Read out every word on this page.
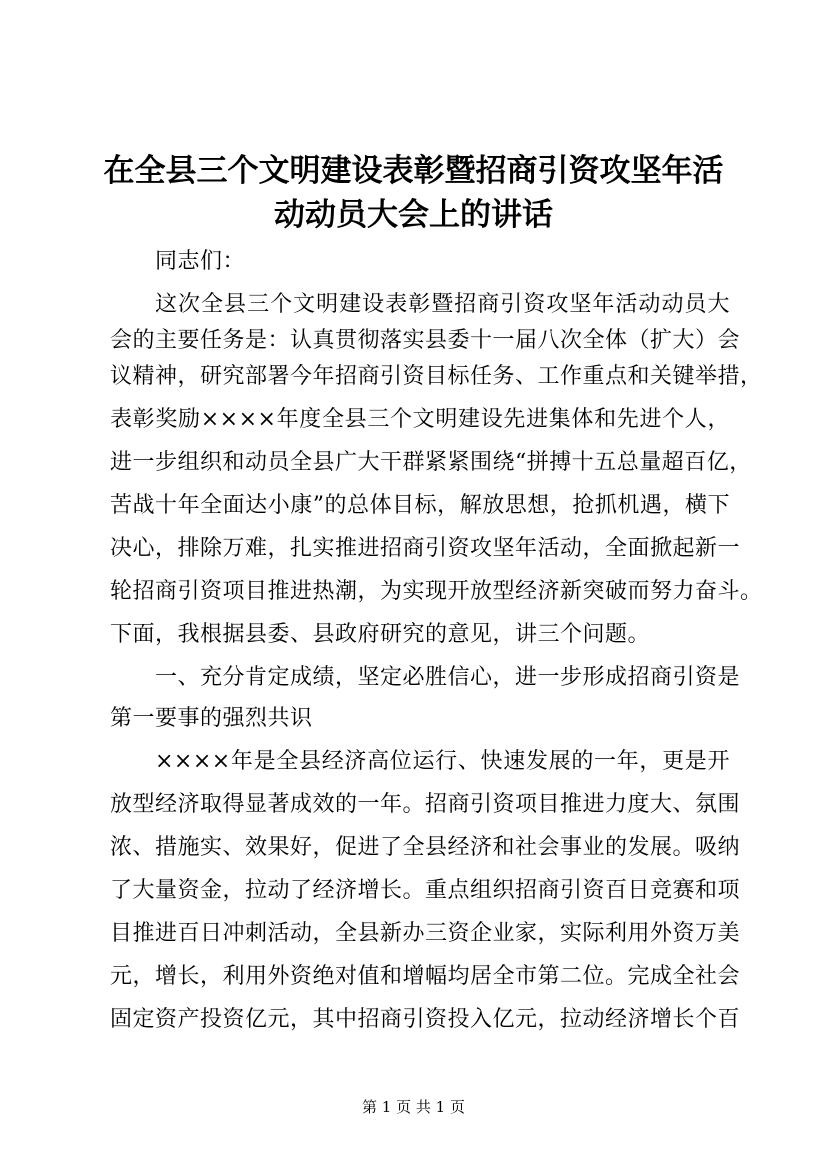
在全县三个文明建设表彰暨招商引资攻坚年活
动动员大会上的讲话
同志们：
这次全县三个文明建设表彰暨招商引资攻坚年活动动员大
会的主要任务是：认真贯彻落实县委十一届八次全体（扩大）会
议精神，研究部署今年招商引资目标任务、工作重点和关键举措，
表彰奖励××××年度全县三个文明建设先进集体和先进个人，
进一步组织和动员全县广大干群紧紧围绕“拼搏十五总量超百亿，
苦战十年全面达小康”的总体目标，解放思想，抢抓机遇，横下
决心，排除万难，扎实推进招商引资攻坚年活动，全面掀起新一
轮招商引资项目推进热潮，为实现开放型经济新突破而努力奋斗。
下面，我根据县委、县政府研究的意见，讲三个问题。
一、充分肯定成绩，坚定必胜信心，进一步形成招商引资是
第一要事的强烈共识
××××年是全县经济高位运行、快速发展的一年，更是开
放型经济取得显著成效的一年。招商引资项目推进力度大、氛围
浓、措施实、效果好，促进了全县经济和社会事业的发展。吸纳
了大量资金，拉动了经济增长。重点组织招商引资百日竞赛和项
目推进百日冲刺活动，全县新办三资企业家，实际利用外资万美
元，增长，利用外资绝对值和增幅均居全市第二位。完成全社会
固定资产投资亿元，其中招商引资投入亿元，拉动经济增长个百
第 1 页 共 1 页
